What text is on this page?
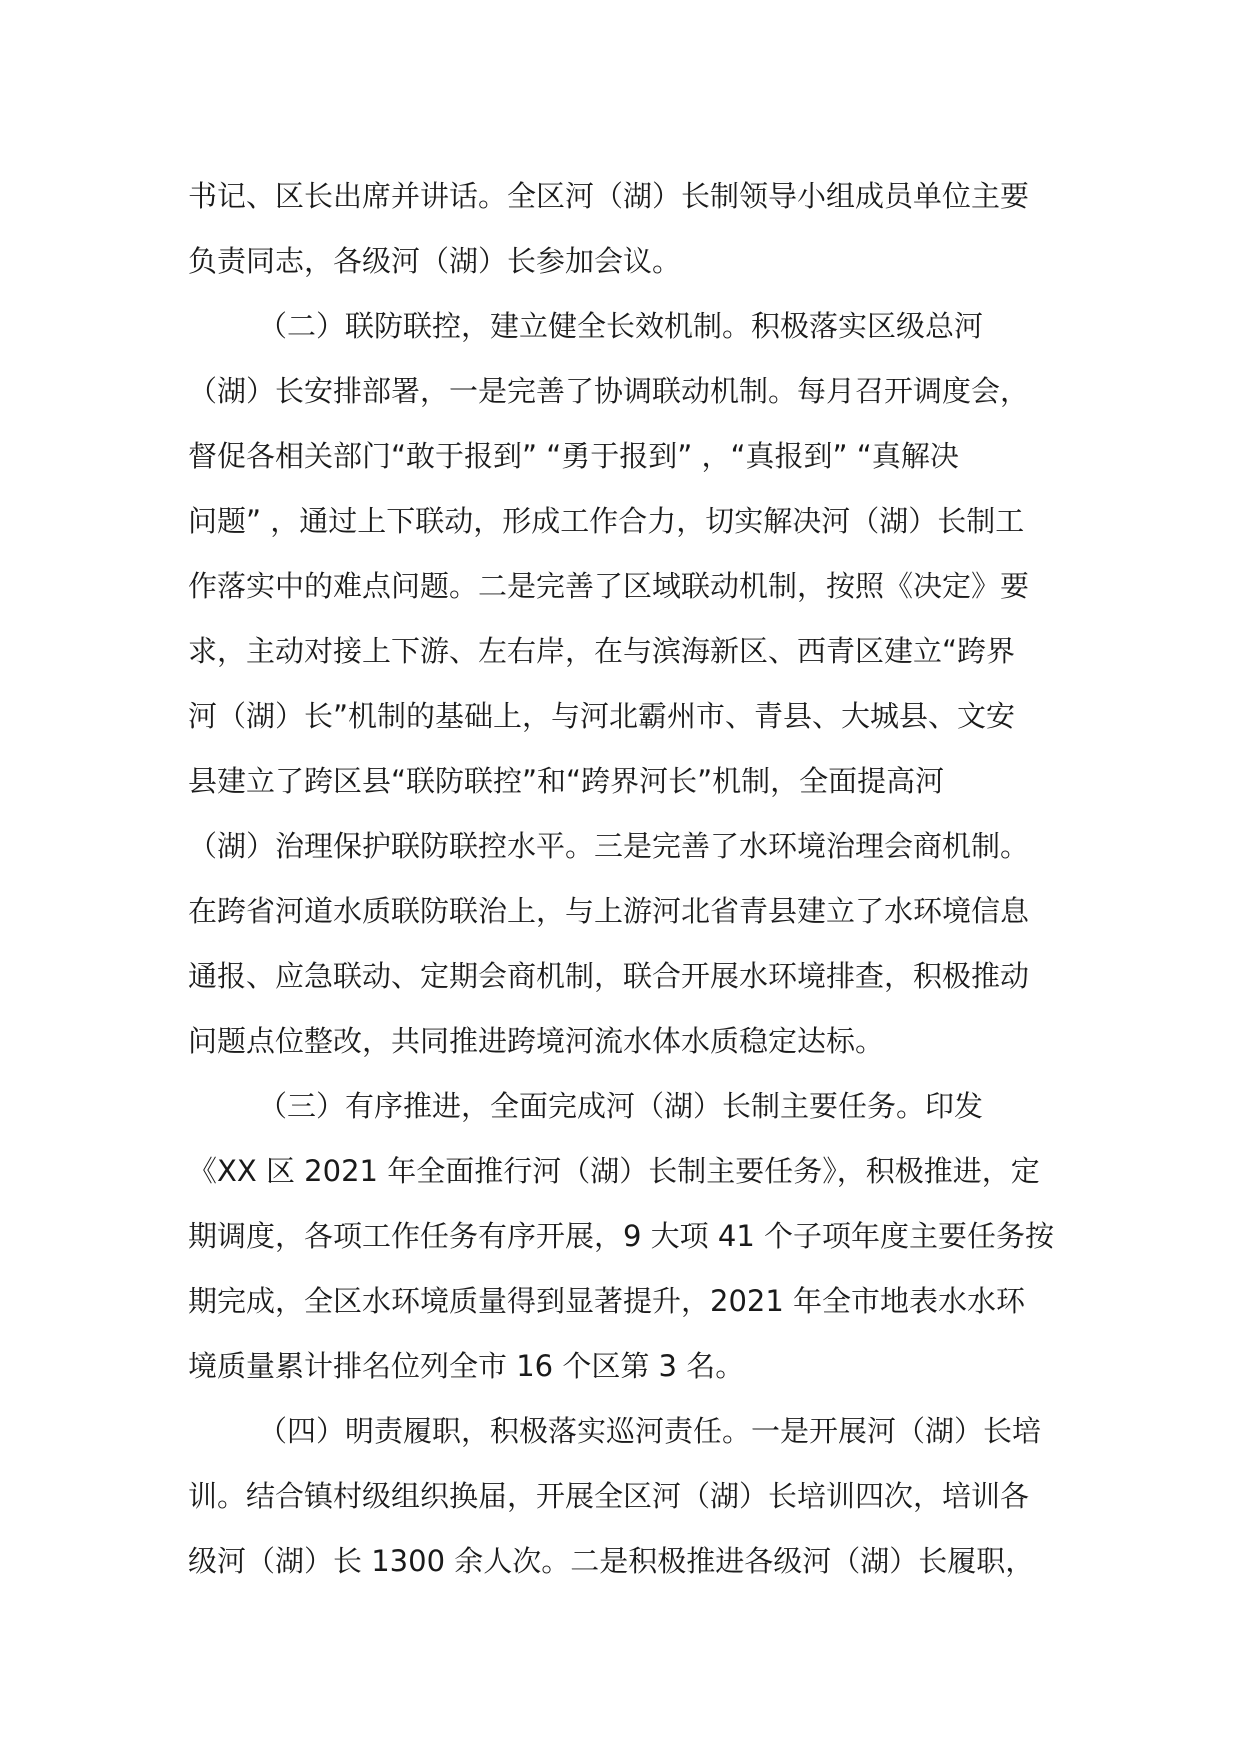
书记、区长出席并讲话。全区河（湖）长制领导小组成员单位主要
负责同志，各级河（湖）长参加会议。
（二）联防联控，建立健全长效机制。积极落实区级总河
（湖）长安排部署，一是完善了协调联动机制。每月召开调度会，
督促各相关部门“敢于报到” “勇于报到” ，“真报到” “真解决
问题” ，通过上下联动，形成工作合力，切实解决河（湖）长制工
作落实中的难点问题。二是完善了区域联动机制，按照《决定》要
求，主动对接上下游、左右岸，在与滨海新区、西青区建立“跨界
河（湖）长”机制的基础上，与河北霸州市、青县、大城县、文安
县建立了跨区县“联防联控”和“跨界河长”机制，全面提高河
（湖）治理保护联防联控水平。三是完善了水环境治理会商机制。
在跨省河道水质联防联治上，与上游河北省青县建立了水环境信息
通报、应急联动、定期会商机制，联合开展水环境排查，积极推动
问题点位整改，共同推进跨境河流水体水质稳定达标。
（三）有序推进，全面完成河（湖）长制主要任务。印发
《XX 区 2021 年全面推行河（湖）长制主要任务》，积极推进，定
期调度，各项工作任务有序开展，9 大项 41 个子项年度主要任务按
期完成，全区水环境质量得到显著提升，2021 年全市地表水水环
境质量累计排名位列全市 16 个区第 3 名。
（四）明责履职，积极落实巡河责任。一是开展河（湖）长培
训。结合镇村级组织换届，开展全区河（湖）长培训四次，培训各
级河（湖）长 1300 余人次。二是积极推进各级河（湖）长履职，
